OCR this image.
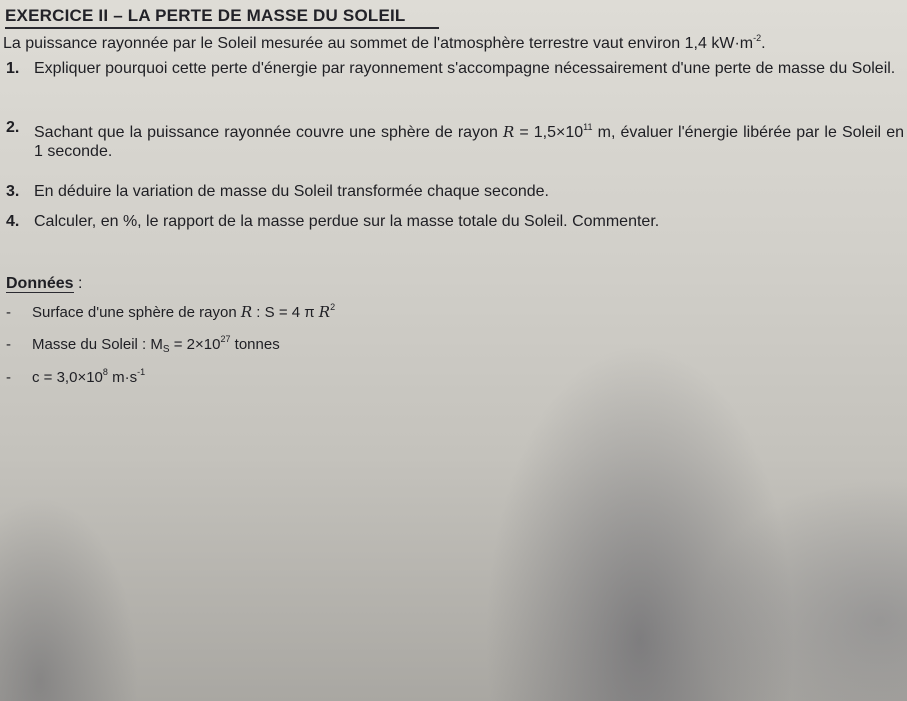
EXERCICE II – LA PERTE DE MASSE DU SOLEIL
La puissance rayonnée par le Soleil mesurée au sommet de l'atmosphère terrestre vaut environ 1,4 $kW\cdot m^{-2}$.
1. Expliquer pourquoi cette perte d'énergie par rayonnement s'accompagne nécessairement d'une perte de masse du Soleil.
2. Sachant que la puissance rayonnée couvre une sphère de rayon $R = 1,5\times 10^{11}$ m, évaluer l'énergie libérée par le Soleil en 1 seconde.
3. En déduire la variation de masse du Soleil transformée chaque seconde.
4. Calculer, en %, le rapport de la masse perdue sur la masse totale du Soleil. Commenter.
Données :
- Surface d'une sphère de rayon R : S = 4 π $R^2$
- Masse du Soleil : $M_S = 2\times 10^{27}$ tonnes
- $c = 3,0\times 10^8$ $m\cdot s^{-1}$
